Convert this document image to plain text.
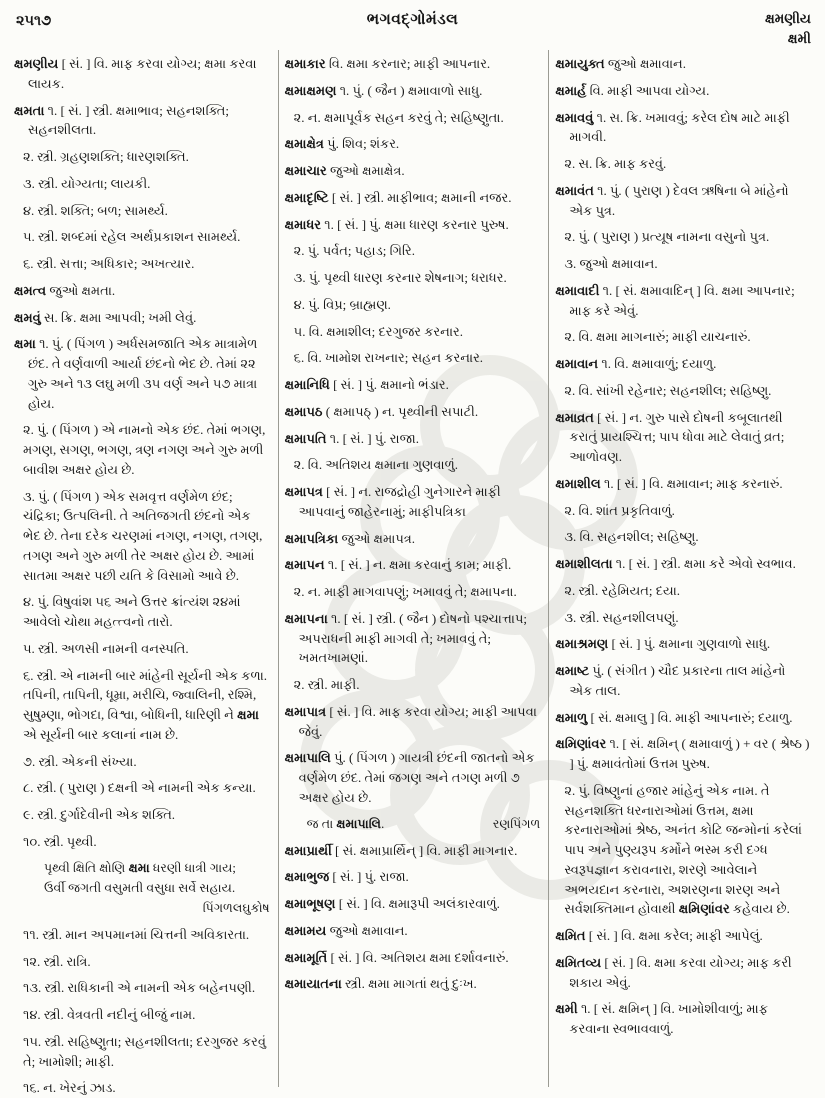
૨૫૧૭	ભગવદ્ગોમંડલ	ક્ષમણીય
ક્ષમી

ક્ષમણીય [ સં. ] વિ. માફ કરવા યોગ્ય; ક્ષમા કરવા લાયક.

ક્ષમતા ૧. [ સં. ] સ્ત્રી. ક્ષમાભાવ; સહનશક્તિ; સહનશીલતા.

૨. સ્ત્રી. ગ્રહણશક્તિ; ધારણશક્તિ.

૩. સ્ત્રી. યોગ્યતા; લાયકી.

૪. સ્ત્રી. શક્તિ; બળ; સામર્થ્ય.

૫. સ્ત્રી. શબ્દમાં રહેલ અર્થપ્રકાશન સામર્થ્ય.

૬. સ્ત્રી. સત્તા; અધિકાર; અખત્યાર.

ક્ષમત્વ જુઓ ક્ષમતા.

ક્ષમવું સ. ક્રિ. ક્ષમા આપવી; ખમી લેવું.

ક્ષમા ૧. પું. ( પિંગળ ) અર્ધસમજાતિ એક માત્રામેળ છંદ. તે વર્ણવાળી આર્યા છંદનો ભેદ છે. તેમાં ૨૨ ગુરુ અને ૧૩ લઘુ મળી ૩૫ વર્ણ અને ૫૭ માત્રા હોય.

૨. પું. ( પિંગળ ) એ નામનો એક છંદ. તેમાં ભગણ, મગણ, સગણ, ભગણ, ત્રણ નગણ અને ગુરુ મળી બાવીશ અક્ષર હોય છે.

૩. પું. ( પિંગળ ) એક સમવૃત્ત વર્ણમેળ છંદ; ચંદ્રિકા; ઉત્પલિની. તે અતિજગતી છંદનો એક ભેદ છે. તેના દરેક ચરણમાં નગણ, નગણ, તગણ, તગણ અને ગુરુ મળી તેર અક્ષર હોય છે. આમાં સાતમા અક્ષર પછી યતિ કે વિસામો આવે છે.

૪. પું. વિષુવાંશ ૫૬ અને ઉત્તર ક્રાંત્યંશ ૨૪માં આવેલો ચોથા મહત્ત્વનો તારો.

૫. સ્ત્રી. અળસી નામની વનસ્પતિ.

૬. સ્ત્રી. એ નામની બાર માંહેની સૂર્યની એક કળા. તપિની, તાપિની, ધૂમ્રા, મરીચિ, જ્વાલિની, રશ્મિ, સુષુમ્ણા, ભોગદા, વિશ્વા, બોધિની, ધારિણી ને ક્ષમા એ સૂર્યની બાર કલાનાં નામ છે.

૭. સ્ત્રી. એકની સંખ્યા.

૮. સ્ત્રી. ( પુરાણ ) દક્ષની એ નામની એક કન્યા.

૯. સ્ત્રી. દુર્ગાદેવીની એક શક્તિ.

૧૦. સ્ત્રી. પૃથ્વી.

પૃથ્વી ક્ષિતિ ક્ષોણિ ક્ષમા ધરણી ધાત્રી ગાય;

ઉર્વી જગતી વસુમતી વસુધા સર્વે સહાય.

પિંગળલઘુકોષ

૧૧. સ્ત્રી. માન અપમાનમાં ચિત્તની અવિકારતા.

૧૨. સ્ત્રી. રાત્રિ.

૧૩. સ્ત્રી. રાધિકાની એ નામની એક બહેનપણી.

૧૪. સ્ત્રી. વેત્રવતી નદીનું બીજું નામ.

૧૫. સ્ત્રી. સહિષ્ણુતા; સહનશીલતા; દરગુજર કરવું તે; ખામોશી; માફી.

૧૬. ન. ખેરનું ઝાડ.

ક્ષમાકાર વિ. ક્ષમા કરનાર; માફી આપનાર.

ક્ષમાક્ષમણ ૧. પું. ( જૈન ) ક્ષમાવાળો સાધુ.

૨. ન. ક્ષમાપૂર્વક સહન કરવું તે; સહિષ્ણુતા.

ક્ષમાક્ષેત્ર પું. શિવ; શંકર.

ક્ષમાચાર જુઓ ક્ષમાક્ષેત્ર.

ક્ષમાદૃષ્ટિ [ સં. ] સ્ત્રી. માફીભાવ; ક્ષમાની નજર.

ક્ષમાધર ૧. [ સં. ] પું. ક્ષમા ધારણ કરનાર પુરુષ.

૨. પું. પર્વત; પહાડ; ગિરિ.

૩. પું. પૃથ્વી ધારણ કરનાર શેષનાગ; ધરાધર.

૪. પું. વિપ્ર; બ્રાહ્મણ.

૫. વિ. ક્ષમાશીલ; દરગુજર કરનાર.

૬. વિ. ખામોશ રાખનાર; સહન કરનાર.

ક્ષમાનિધિ [ સં. ] પું. ક્ષમાનો ભંડાર.

ક્ષમાપઠ ( ક્ષમાપઠ્ ) ન. પૃથ્વીની સપાટી.

ક્ષમાપતિ ૧. [ સં. ] પું. રાજા.

૨. વિ. અતિશય ક્ષમાના ગુણવાળું.

ક્ષમાપત્ર [ સં. ] ન. રાજદ્રોહી ગુનેગારને માફી આપવાનું જાહેરનામું; માફીપત્રિકા

ક્ષમાપત્રિકા જુઓ ક્ષમાપત્ર.

ક્ષમાપન ૧. [ સં. ] ન. ક્ષમા કરવાનું કામ; માફી.

૨. ન. માફી માગવાપણું; ખમાવવું તે; ક્ષમાપના.

ક્ષમાપના ૧. [ સં. ] સ્ત્રી. ( જૈન ) દોષનો પશ્ચાત્તાપ; અપરાધની માફી માગવી તે; ખમાવવું તે; ખમતખામણાં.

૨. સ્ત્રી. માફી.

ક્ષમાપાત્ર [ સં. ] વિ. માફ કરવા યોગ્ય; માફી આપવા જેવું.

ક્ષમાપાલિ પું. ( પિંગળ ) ગાયત્રી છંદની જાતનો એક વર્ણમેળ છંદ. તેમાં જગણ અને તગણ મળી ૭ અક્ષર હોય છે.

જ તા ક્ષમાપાલિ.	રણપિંગળ

ક્ષમાપ્રાર્થી [ સં. ક્ષમાપ્રાર્થિન્ ] વિ. માફી માગનાર.

ક્ષમાભુજ [ સં. ] પું. રાજા.

ક્ષમાભૂષણ [ સં. ] વિ. ક્ષમારૂપી અલંકારવાળું.

ક્ષમામય જુઓ ક્ષમાવાન.

ક્ષમામૂર્તિ [ સં. ] વિ. અતિશય ક્ષમા દર્શાવનારું.

ક્ષમાયાતના સ્ત્રી. ક્ષમા માગતાં થતું દુઃખ.

ક્ષમાયુક્ત જુઓ ક્ષમાવાન.

ક્ષમાર્હ વિ. માફી આપવા યોગ્ય.

ક્ષમાવવું ૧. સ. ક્રિ. ખમાવવું; કરેલ દોષ માટે માફી માગવી.

૨. સ. ક્રિ. માફ કરવું.

ક્ષમાવંત ૧. પું. ( પુરાણ ) દેવલ ઋષિના બે માંહેનો એક પુત્ર.

૨. પું. ( પુરાણ ) પ્રત્યૂષ નામના વસુનો પુત્ર.

૩. જુઓ ક્ષમાવાન.

ક્ષમાવાદી ૧. [ સં. ક્ષમાવાદિન્ ] વિ. ક્ષમા આપનાર; માફ કરે એવું.

૨. વિ. ક્ષમા માગનારું; માફી યાચનારું.

ક્ષમાવાન ૧. વિ. ક્ષમાવાળું; દયાળુ.

૨. વિ. સાંખી રહેનાર; સહનશીલ; સહિષ્ણુ.

ક્ષમાવ્રત [ સં. ] ન. ગુરુ પાસે દોષની કબૂલાતથી કરાતું પ્રાયશ્ચિત્ત; પાપ ધોવા માટે લેવાતું વ્રત; આળોવણ.

ક્ષમાશીલ ૧. [ સં. ] વિ. ક્ષમાવાન; માફ કરનારું.

૨. વિ. શાંત પ્રકૃતિવાળું.

૩. વિ. સહનશીલ; સહિષ્ણુ.

ક્ષમાશીલતા ૧. [ સં. ] સ્ત્રી. ક્ષમા કરે એવો સ્વભાવ.

૨. સ્ત્રી. રહેમિયત; દયા.

૩. સ્ત્રી. સહનશીલપણું.

ક્ષમાશ્રમણ [ સં. ] પું. ક્ષમાના ગુણવાળો સાધુ.

ક્ષમાષ્ટ પું. ( સંગીત ) ચૌદ પ્રકારના તાલ માંહેનો એક તાલ.

ક્ષમાળુ [ સં. ક્ષમાલુ ] વિ. માફી આપનારું; દયાળુ.

ક્ષમિણાંવર ૧. [ સં. ક્ષમિન્ ( ક્ષમાવાળું ) + વર ( શ્રેષ્ઠ ) ] પું. ક્ષમાવંતોમાં ઉત્તમ પુરુષ.

૨. પું. વિષ્ણુનાં હજાર માંહેનું એક નામ. તે સહનશક્તિ ધરનારાઓમાં ઉત્તમ, ક્ષમા કરનારાઓમાં શ્રેષ્ઠ, અનંત કોટિ જન્મોનાં કરેલાં પાપ અને પુણ્યરૂપ કર્મોને ભસ્મ કરી દગ્ધ સ્વરૂપજ્ઞાન કરાવનારા, શરણે આવેલાને અભયદાન કરનારા, અશરણના શરણ અને સર્વશક્તિમાન હોવાથી ક્ષમિણાંવર કહેવાય છે.

ક્ષમિત [ સં. ] વિ. ક્ષમા કરેલ; માફી આપેલું.

ક્ષમિતવ્ય [ સં. ] વિ. ક્ષમા કરવા યોગ્ય; માફ કરી શકાય એવું.

ક્ષમી ૧. [ સં. ક્ષમિન્ ] વિ. ખામોશીવાળું; માફ કરવાના સ્વભાવવાળું.
